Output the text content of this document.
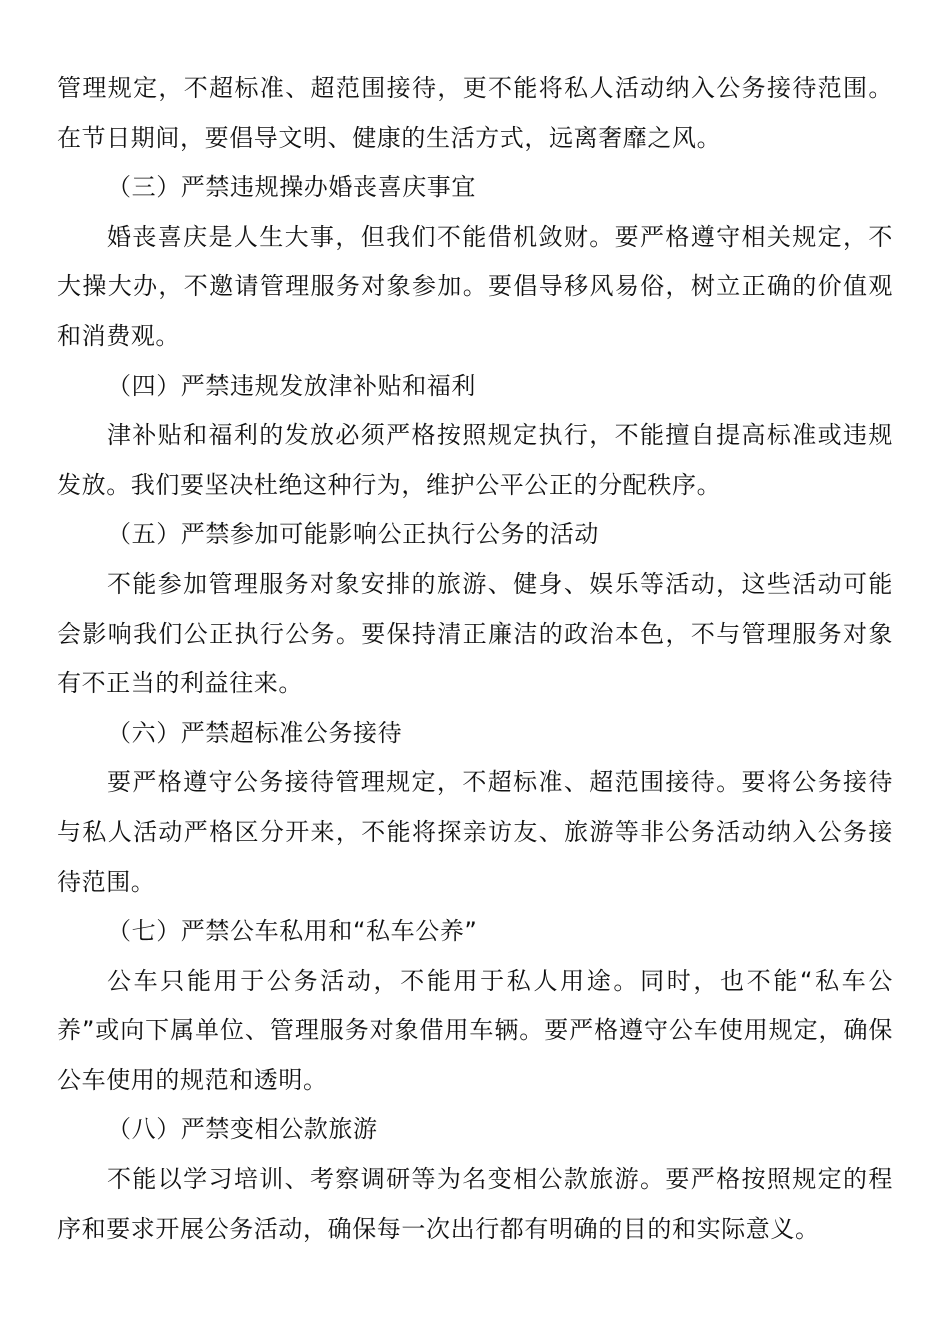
管理规定，不超标准、超范围接待，更不能将私人活动纳入公务接待范围。在节日期间，要倡导文明、健康的生活方式，远离奢靡之风。

（三）严禁违规操办婚丧喜庆事宜

婚丧喜庆是人生大事，但我们不能借机敛财。要严格遵守相关规定，不大操大办，不邀请管理服务对象参加。要倡导移风易俗，树立正确的价值观和消费观。

（四）严禁违规发放津补贴和福利

津补贴和福利的发放必须严格按照规定执行，不能擅自提高标准或违规发放。我们要坚决杜绝这种行为，维护公平公正的分配秩序。

（五）严禁参加可能影响公正执行公务的活动

不能参加管理服务对象安排的旅游、健身、娱乐等活动，这些活动可能会影响我们公正执行公务。要保持清正廉洁的政治本色，不与管理服务对象有不正当的利益往来。

（六）严禁超标准公务接待

要严格遵守公务接待管理规定，不超标准、超范围接待。要将公务接待与私人活动严格区分开来，不能将探亲访友、旅游等非公务活动纳入公务接待范围。

（七）严禁公车私用和“私车公养”

公车只能用于公务活动，不能用于私人用途。同时，也不能“私车公养”或向下属单位、管理服务对象借用车辆。要严格遵守公车使用规定，确保公车使用的规范和透明。

（八）严禁变相公款旅游

不能以学习培训、考察调研等为名变相公款旅游。要严格按照规定的程序和要求开展公务活动，确保每一次出行都有明确的目的和实际意义。
